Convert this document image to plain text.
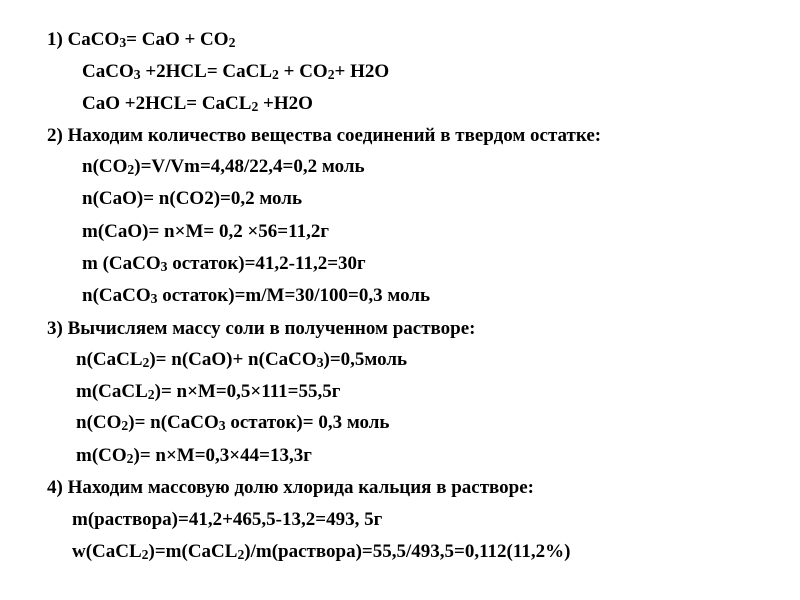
1) CaCO3= CaO + CO2
CaCO3 +2HCL= CaCL2 + CO2+ H2O
CaO +2HCL= CaCL2 +H2O
2) Находим количество вещества соединений в твердом остатке:
n(CO2)=V/Vm=4,48/22,4=0,2 моль
n(CaO)= n(CO2)=0,2 моль
m(CaO)= n×M= 0,2 ×56=11,2г
m (CaCO3 остаток)=41,2-11,2=30г
n(CaCO3 остаток)=m/M=30/100=0,3 моль
3) Вычисляем массу соли в полученном растворе:
n(CaCL2)= n(CaO)+ n(CaCO3)=0,5моль
m(CaCL2)= n×M=0,5×111=55,5г
n(CO2)= n(CaCO3 остаток)= 0,3 моль
m(CO2)= n×M=0,3×44=13,3г
4) Находим массовую долю хлорида кальция в растворе:
m(раствора)=41,2+465,5-13,2=493, 5г
w(CaCL2)=m(CaCL2)/m(раствора)=55,5/493,5=0,112(11,2%)
